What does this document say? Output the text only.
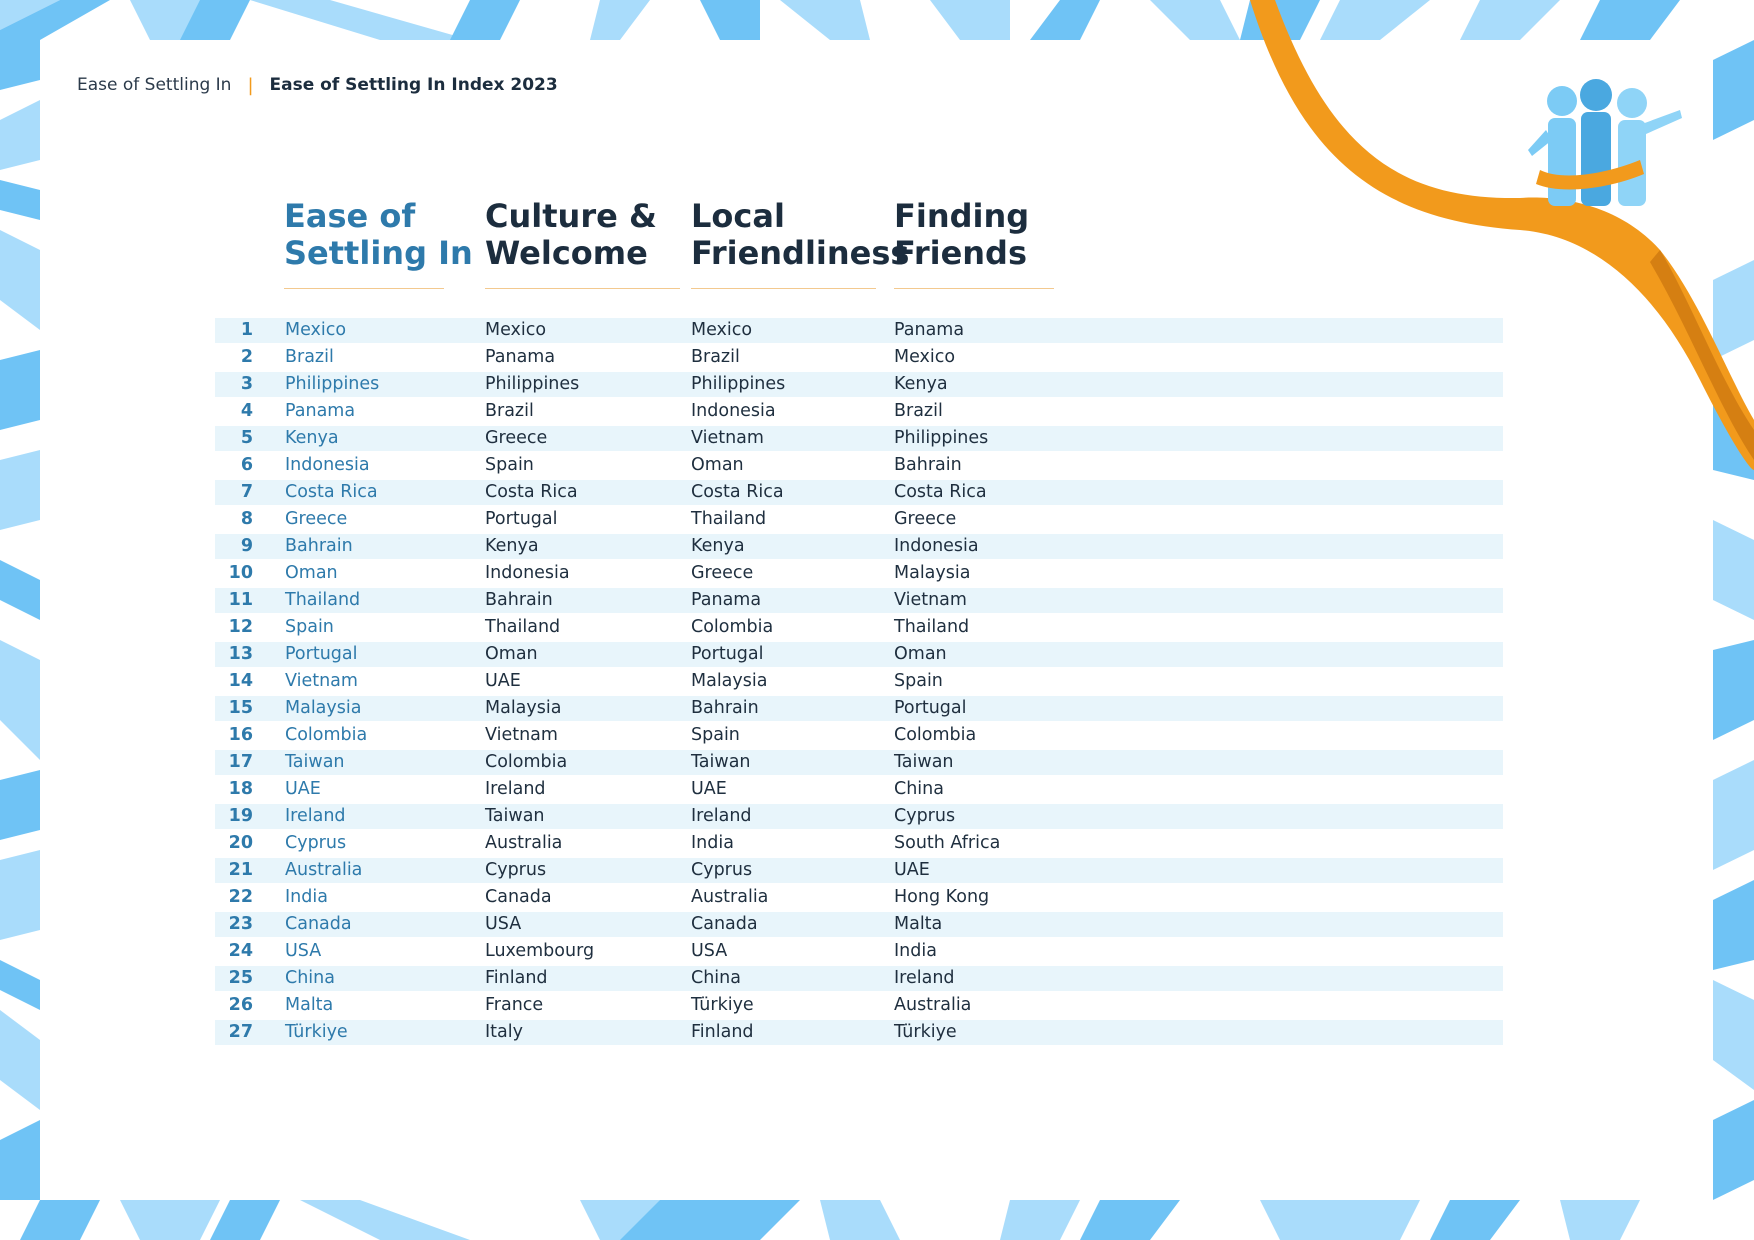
Ease of Settling In | Ease of Settling In Index 2023
Ease of
Settling In
Culture &
Welcome
Local
Friendliness
Finding
Friends
1 Mexico	Mexico	Mexico	Panama
2 Brazil	Panama	Brazil	Mexico
3 Philippines	Philippines	Philippines	Kenya
4 Panama	Brazil	Indonesia	Brazil
5 Kenya	Greece	Vietnam	Philippines
6 Indonesia	Spain	Oman	Bahrain
7 Costa Rica	Costa Rica	Costa Rica	Costa Rica
8 Greece	Portugal	Thailand	Greece
9 Bahrain	Kenya	Kenya	Indonesia
10 Oman	Indonesia	Greece	Malaysia
11 Thailand	Bahrain	Panama	Vietnam
12 Spain	Thailand	Colombia	Thailand
13 Portugal	Oman	Portugal	Oman
14 Vietnam	UAE	Malaysia	Spain
15 Malaysia	Malaysia	Bahrain	Portugal
16 Colombia	Vietnam	Spain	Colombia
17 Taiwan	Colombia	Taiwan	Taiwan
18 UAE	Ireland	UAE	China
19 Ireland	Taiwan	Ireland	Cyprus
20 Cyprus	Australia	India	South Africa
21 Australia	Cyprus	Cyprus	UAE
22 India	Canada	Australia	Hong Kong
23 Canada	USA	Canada	Malta
24 USA	Luxembourg	USA	India
25 China	Finland	China	Ireland
26 Malta	France	Türkiye	Australia
27 Türkiye	Italy	Finland	Türkiye
